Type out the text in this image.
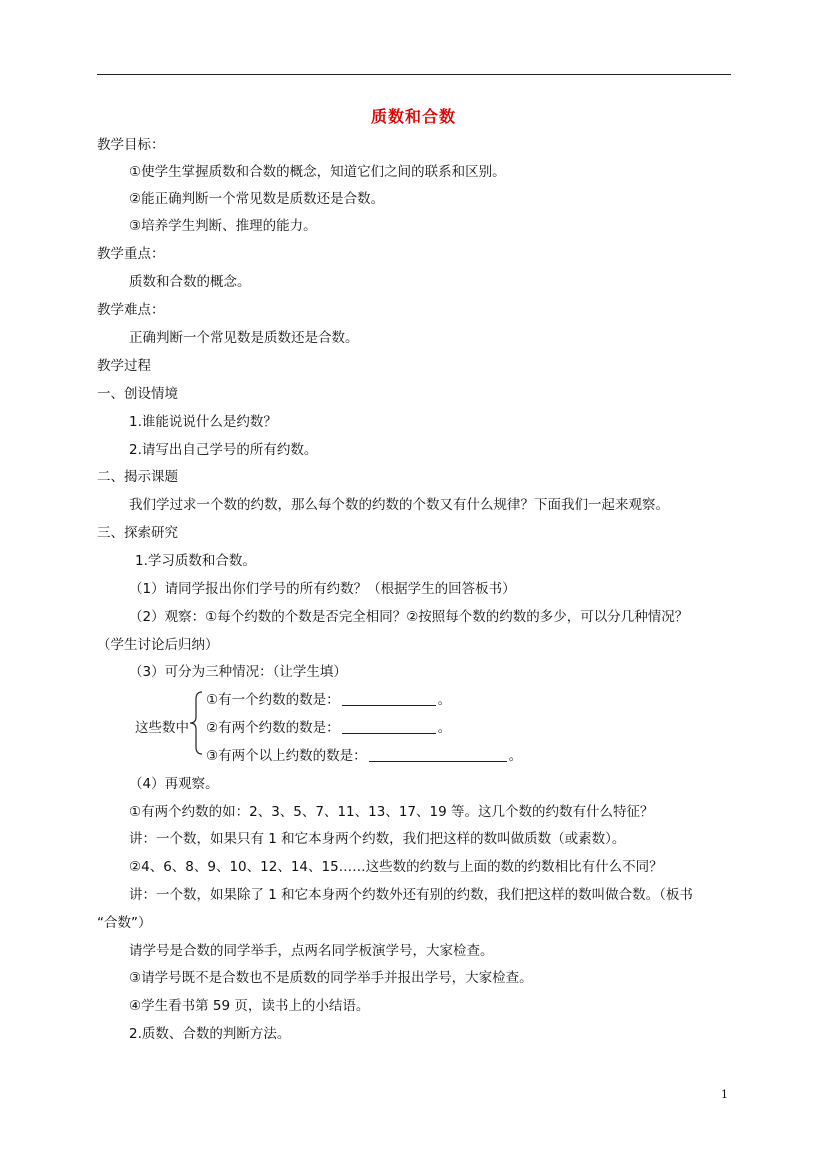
质数和合数
教学目标：
①使学生掌握质数和合数的概念，知道它们之间的联系和区别。
②能正确判断一个常见数是质数还是合数。
③培养学生判断、推理的能力。
教学重点：
质数和合数的概念。
教学难点：
正确判断一个常见数是质数还是合数。
教学过程
一、创设情境
1.谁能说说什么是约数？
2.请写出自己学号的所有约数。
二、揭示课题
我们学过求一个数的约数，那么每个数的约数的个数又有什么规律？下面我们一起来观察。
三、探索研究
1.学习质数和合数。
（1）请同学报出你们学号的所有约数？（根据学生的回答板书）
（2）观察：①每个约数的个数是否完全相同？②按照每个数的约数的多少，可以分几种情况？
（学生讨论后归纳）
（3）可分为三种情况：（让学生填）
这些数中
①有一个约数的数是：	。
②有两个约数的数是：	。
③有两个以上约数的数是：	。
（4）再观察。
①有两个约数的如：2、3、5、7、11、13、17、19 等。这几个数的约数有什么特征？
讲：一个数，如果只有 1 和它本身两个约数，我们把这样的数叫做质数（或素数）。
②4、6、8、9、10、12、14、15……这些数的约数与上面的数的约数相比有什么不同？
讲：一个数，如果除了 1 和它本身两个约数外还有别的约数，我们把这样的数叫做合数。（板书
“合数”）
请学号是合数的同学举手，点两名同学板演学号，大家检查。
③请学号既不是合数也不是质数的同学举手并报出学号，大家检查。
④学生看书第 59 页，读书上的小结语。
2.质数、合数的判断方法。
1
